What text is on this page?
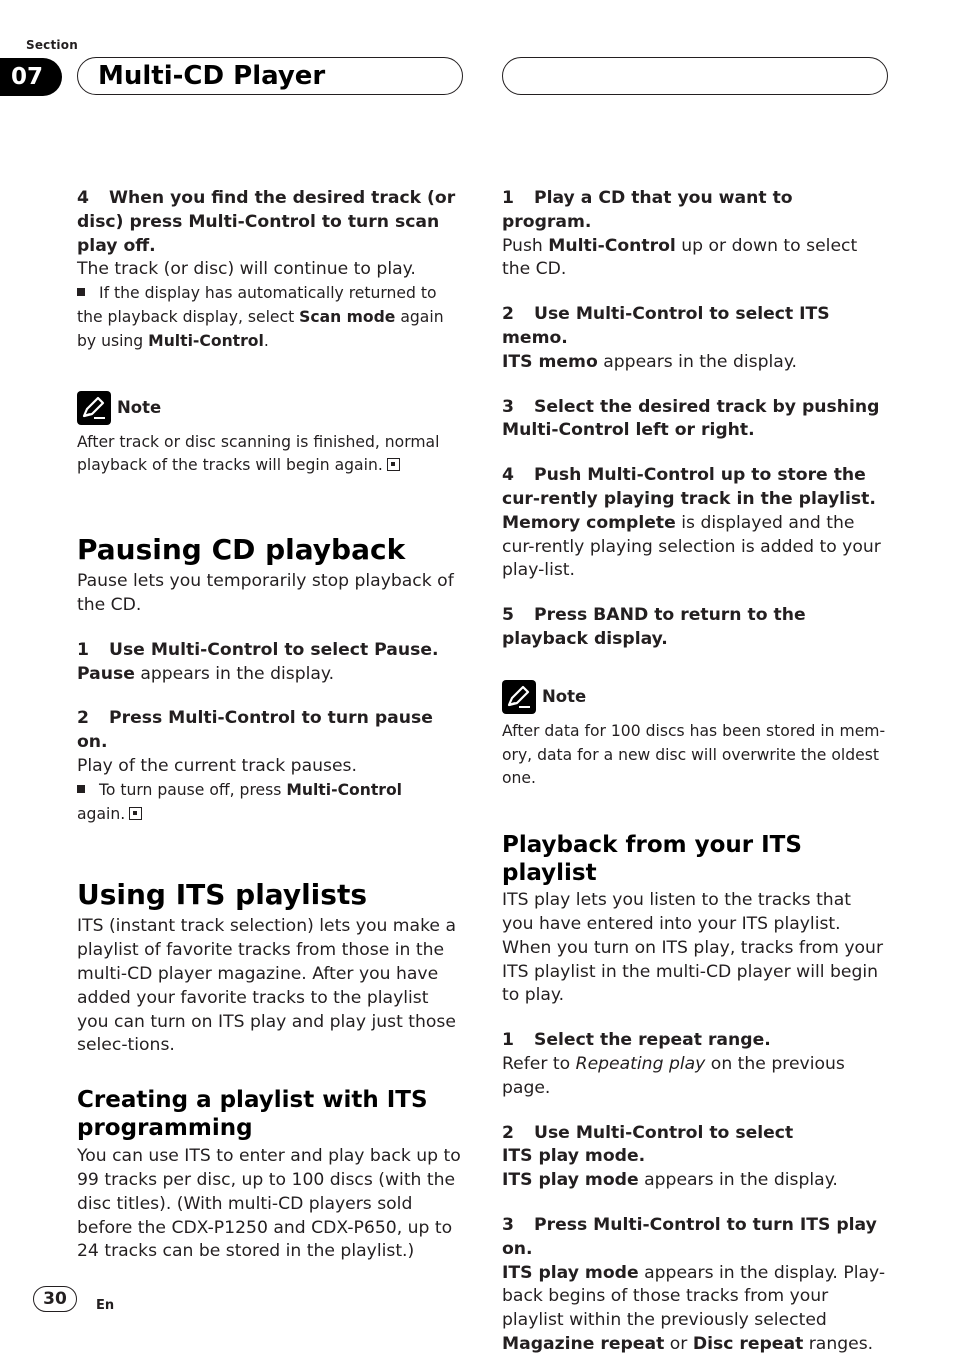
Section
07	Multi-CD Player

4 When you find the desired track (or disc) press Multi-Control to turn scan play off.

The track (or disc) will continue to play.

If the display has automatically returned to the playback display, select Scan mode again by using Multi-Control.

Note

After track or disc scanning is finished, normal playback of the tracks will begin again.

Pausing CD playback

Pause lets you temporarily stop playback of the CD.

1 Use Multi-Control to select Pause.

Pause appears in the display.

2 Press Multi-Control to turn pause on.

Play of the current track pauses.

To turn pause off, press Multi-Control
again.

Using ITS playlists

ITS (instant track selection) lets you make a playlist of favorite tracks from those in the multi-CD player magazine. After you have added your favorite tracks to the playlist you can turn on ITS play and play just those selec-tions.

Creating a playlist with ITS programming

You can use ITS to enter and play back up to 99 tracks per disc, up to 100 discs (with the disc titles). (With multi-CD players sold before the CDX-P1250 and CDX-P650, up to 24 tracks can be stored in the playlist.)

1 Play a CD that you want to program.

Push Multi-Control up or down to select the CD.

2 Use Multi-Control to select ITS memo.

ITS memo appears in the display.

3 Select the desired track by pushing Multi-Control left or right.

4 Push Multi-Control up to store the cur-rently playing track in the playlist.

Memory complete is displayed and the cur-rently playing selection is added to your play-list.

5 Press BAND to return to the playback display.

Note

After data for 100 discs has been stored in mem-ory, data for a new disc will overwrite the oldest one.

Playback from your ITS playlist

ITS play lets you listen to the tracks that you have entered into your ITS playlist. When you turn on ITS play, tracks from your ITS playlist in the multi-CD player will begin to play.

1 Select the repeat range.

Refer to Repeating play on the previous page.

2 Use Multi-Control to select
ITS play mode.

ITS play mode appears in the display.

3 Press Multi-Control to turn ITS play on.

ITS play mode appears in the display. Play-back begins of those tracks from your playlist within the previously selected
Magazine repeat or Disc repeat ranges.

30	En
